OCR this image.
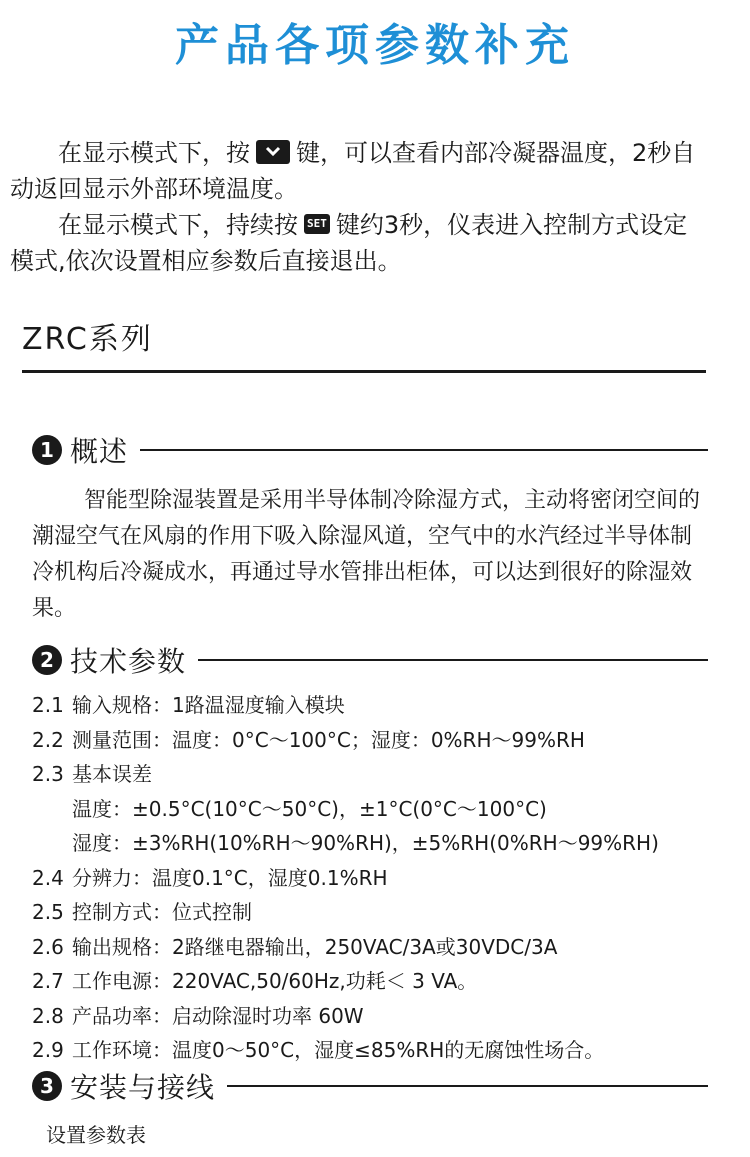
产品各项参数补充

在显示模式下，按 键，可以查看内部冷凝器温度，2秒自动返回显示外部环境温度。

在显示模式下，持续按 SET 键约3秒，仪表进入控制方式设定模式,依次设置相应参数后直接退出。

ZRC系列
1 概述

智能型除湿装置是采用半导体制冷除湿方式，主动将密闭空间的潮湿空气在风扇的作用下吸入除湿风道，空气中的水汽经过半导体制冷机构后冷凝成水，再通过导水管排出柜体，可以达到很好的除湿效果。

2 技术参数
2.1 输入规格：1路温湿度输入模块
2.2 测量范围：温度：0°C～100°C；湿度：0%RH～99%RH
2.3 基本误差
温度：±0.5°C(10°C～50°C)，±1°C(0°C～100°C)
湿度：±3%RH(10%RH～90%RH)，±5%RH(0%RH～99%RH)
2.4 分辨力：温度0.1°C，湿度0.1%RH
2.5 控制方式：位式控制
2.6 输出规格：2路继电器输出，250VAC/3A或30VDC/3A
2.7 工作电源：220VAC,50/60Hz,功耗＜ 3 VA。
2.8 产品功率：启动除湿时功率 60W
2.9 工作环境：温度0～50°C，湿度≤85%RH的无腐蚀性场合。
3 安装与接线
设置参数表
